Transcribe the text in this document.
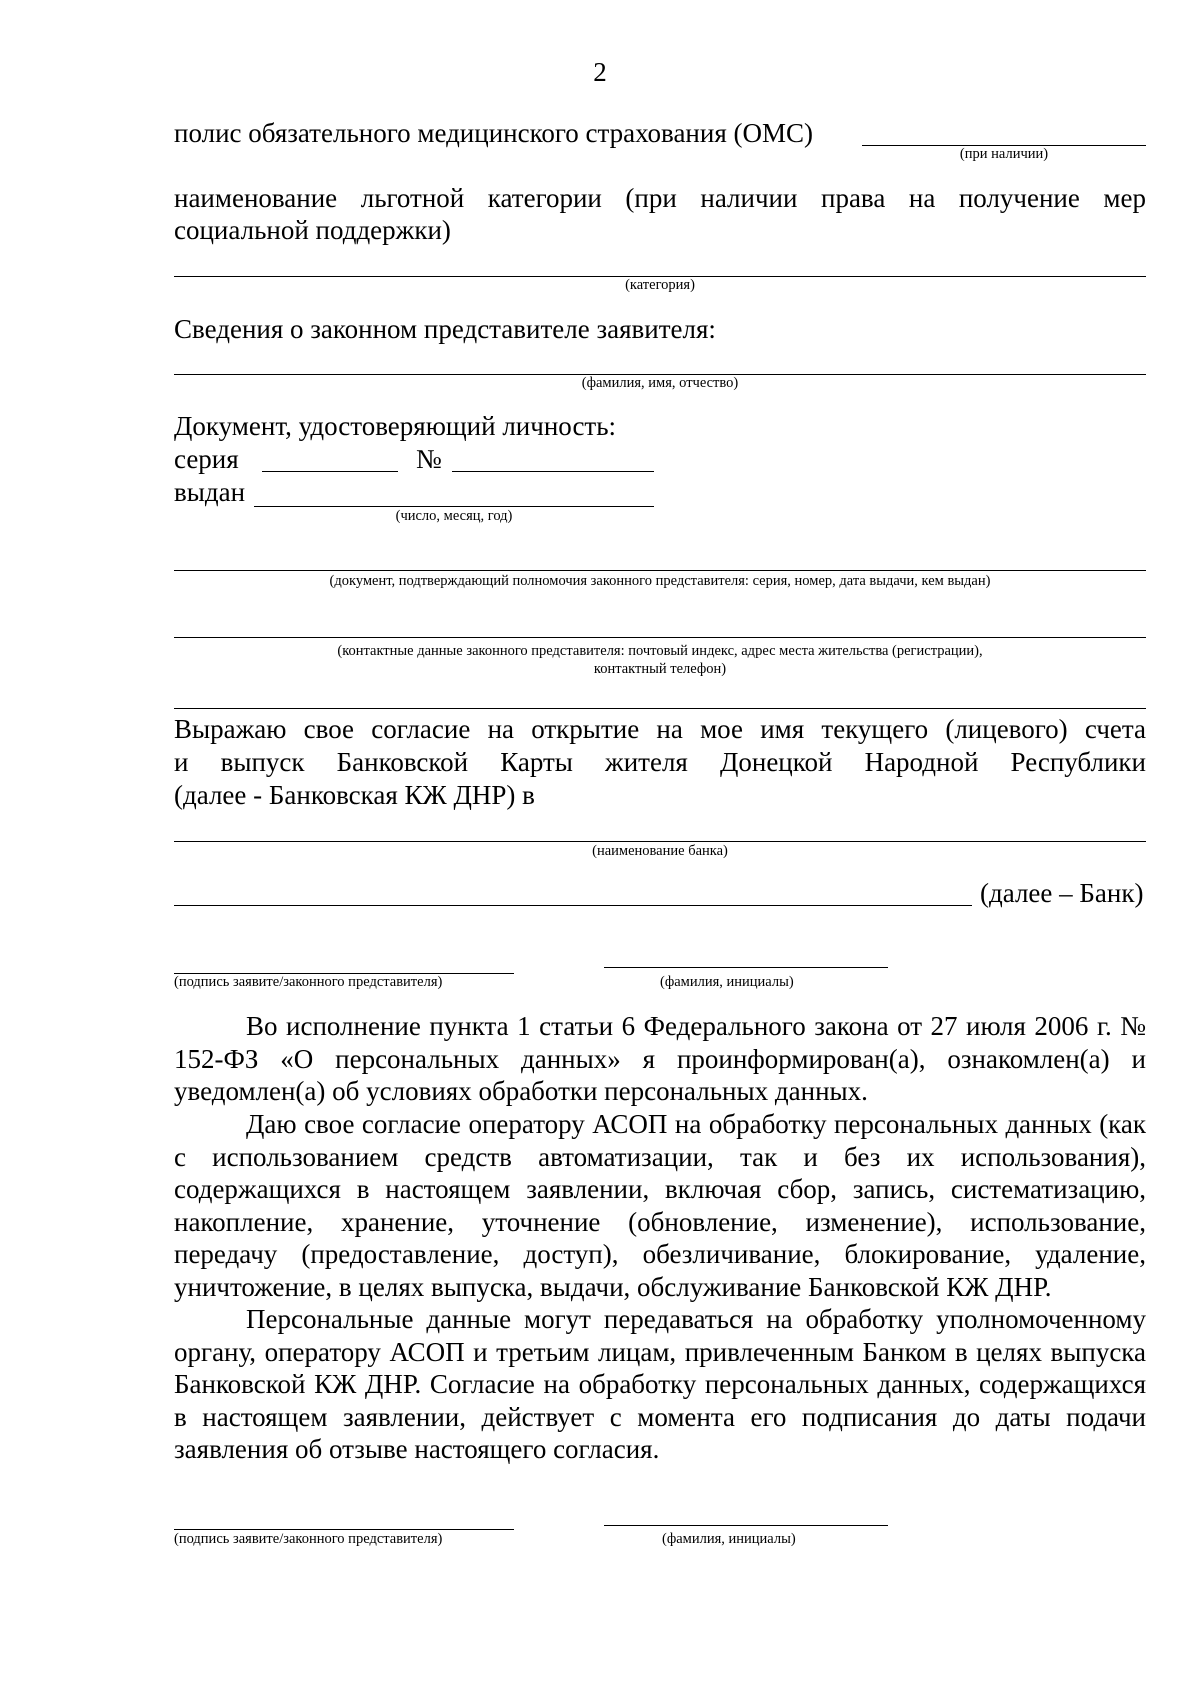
2
полис обязательного медицинского страхования (ОМС)
(при наличии)
наименование льготной категории (при наличии права на получение мер
социальной поддержки)
(категория)
Сведения о законном представителе заявителя:
(фамилия, имя, отчество)
Документ, удостоверяющий личность:
серия	№
выдан
(число, месяц, год)
(документ, подтверждающий полномочия законного представителя: серия, номер, дата выдачи, кем выдан)
(контактные данные законного представителя: почтовый индекс, адрес места жительства (регистрации),
контактный телефон)
Выражаю свое согласие на открытие на мое имя текущего (лицевого) счета
и выпуск Банковской Карты жителя Донецкой Народной Республики
(далее - Банковская КЖ ДНР) в
(наименование банка)
(далее – Банк)
(подпись заявите/законного представителя)	(фамилия, инициалы)
Во исполнение пункта 1 статьи 6 Федерального закона от 27 июля 2006 г. № 152-ФЗ «О персональных данных» я проинформирован(а), ознакомлен(а) и уведомлен(а) об условиях обработки персональных данных.
Даю свое согласие оператору АСОП на обработку персональных данных (как с использованием средств автоматизации, так и без их использования), содержащихся в настоящем заявлении, включая сбор, запись, систематизацию, накопление, хранение, уточнение (обновление, изменение), использование, передачу (предоставление, доступ), обезличивание, блокирование, удаление, уничтожение, в целях выпуска, выдачи, обслуживание Банковской КЖ ДНР.
Персональные данные могут передаваться на обработку уполномоченному органу, оператору АСОП и третьим лицам, привлеченным Банком в целях выпуска Банковской КЖ ДНР. Согласие на обработку персональных данных, содержащихся в настоящем заявлении, действует с момента его подписания до даты подачи заявления об отзыве настоящего согласия.
(подпись заявите/законного представителя)	(фамилия, инициалы)
